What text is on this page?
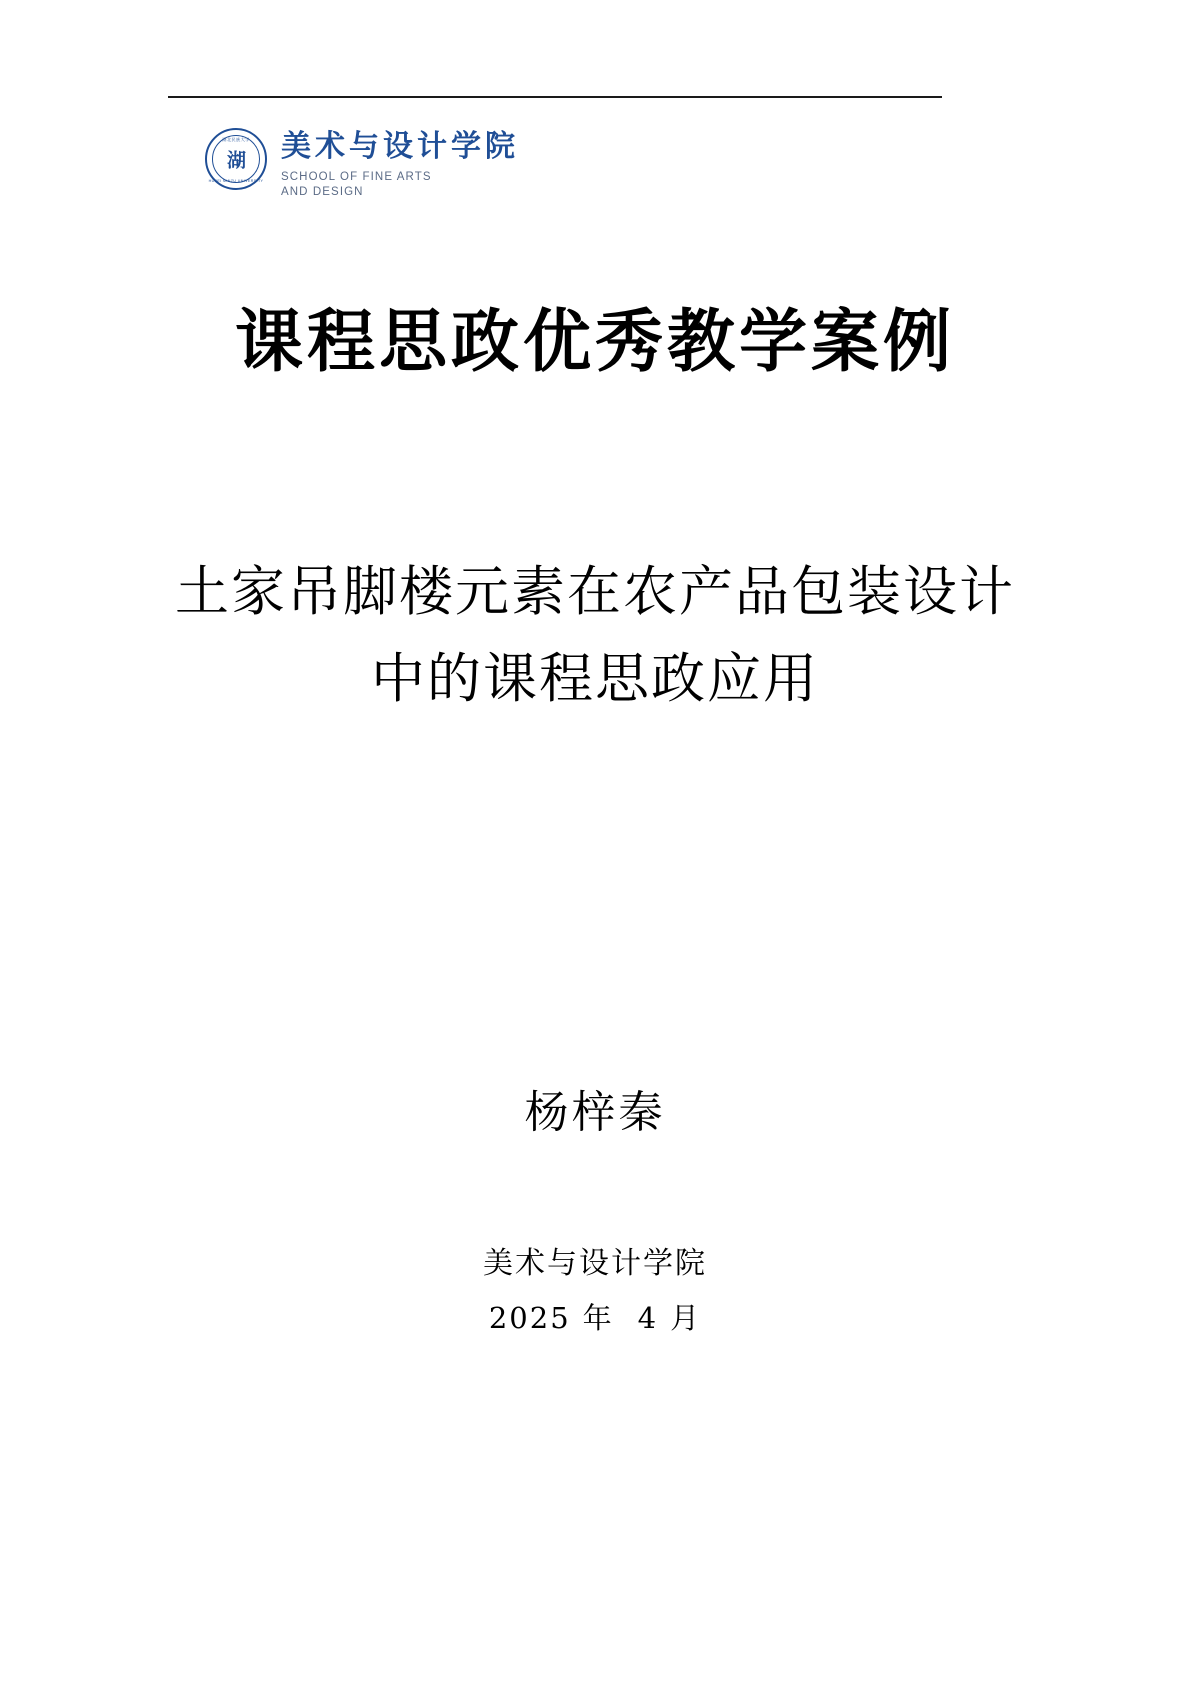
湖北民族大学
湖
HUBEI MINZU UNIVERSITY
美术与设计学院
SCHOOL OF FINE ARTS
AND DESIGN
课程思政优秀教学案例
土家吊脚楼元素在农产品包装设计中的课程思政应用
杨梓秦
美术与设计学院
2025 年 4 月
